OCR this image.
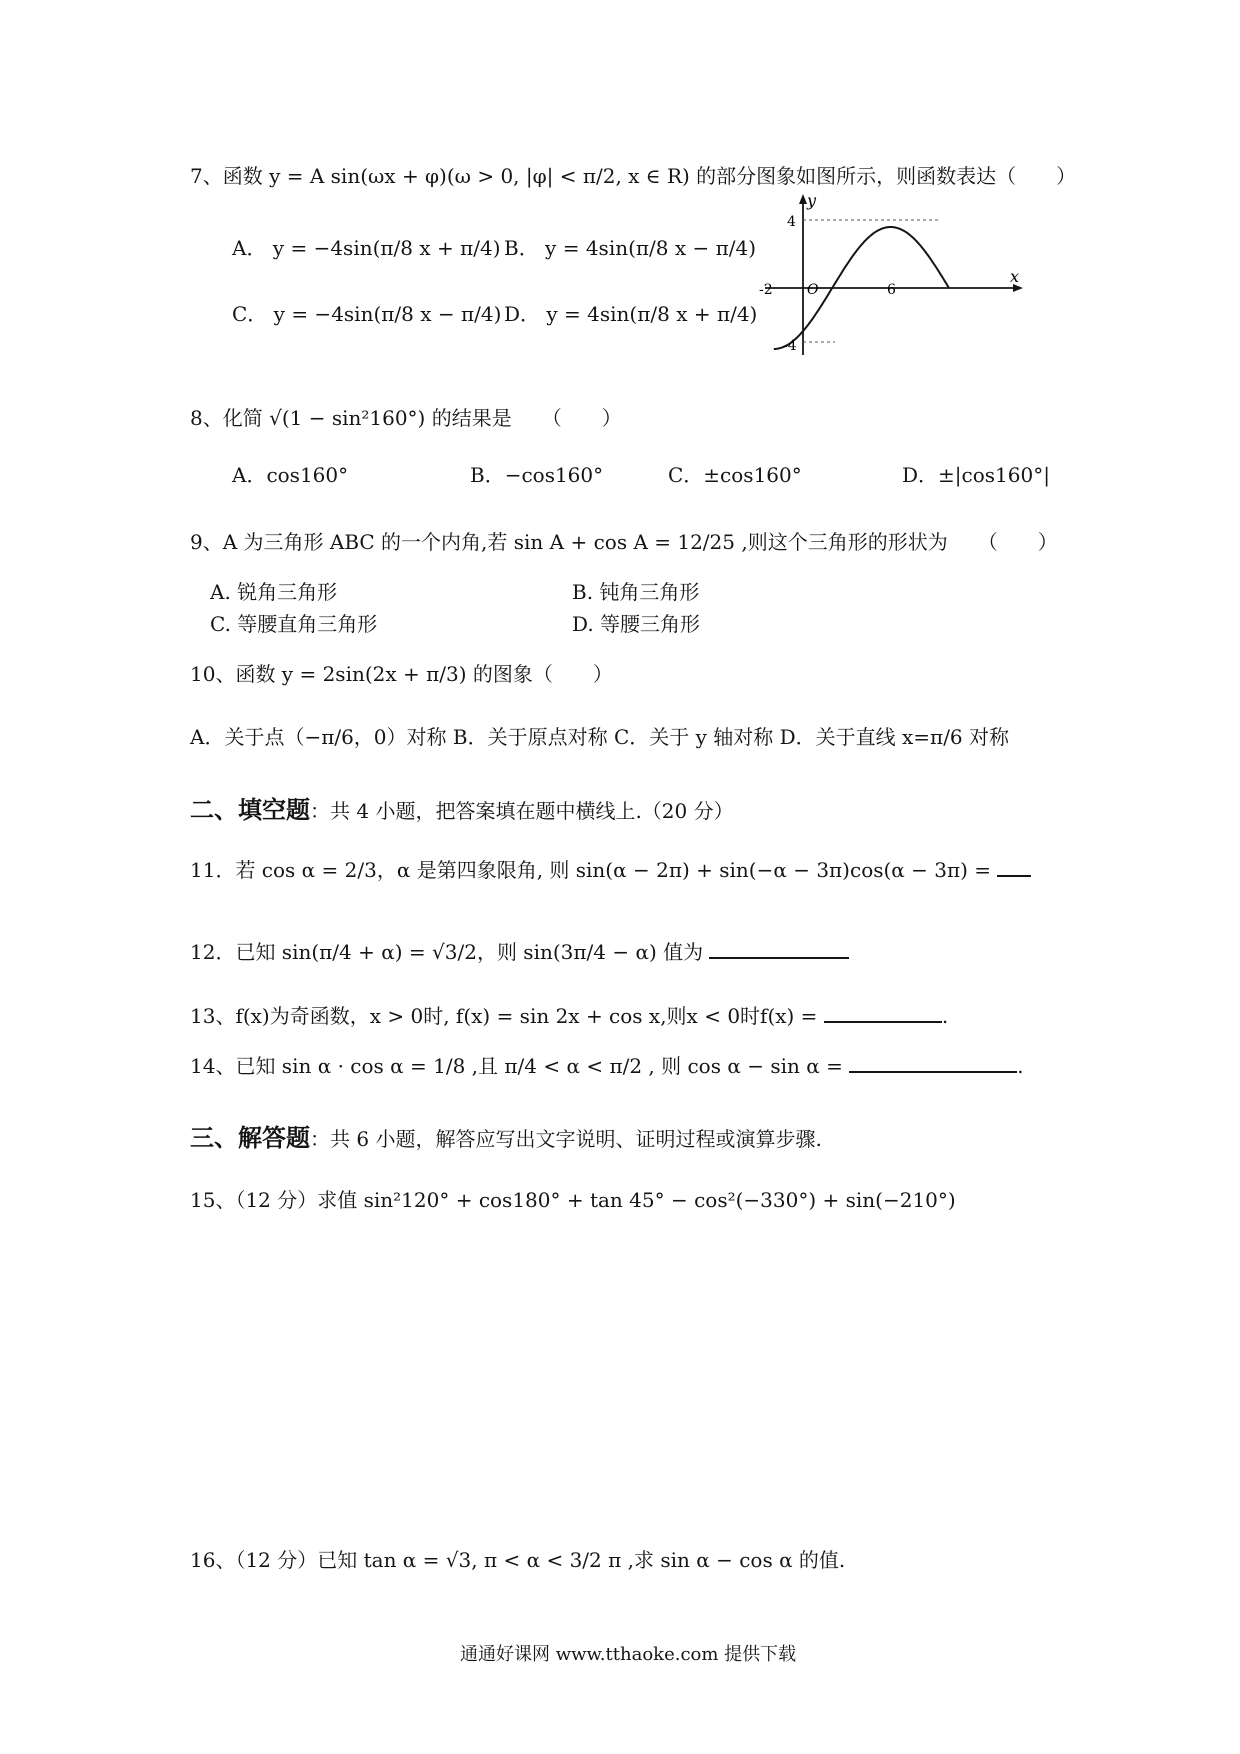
7、函数 y = A sin(ωx + φ)(ω > 0, |φ| < π/2, x ∈ R) 的部分图象如图所示，则函数表达（　　）
A． y = −4sin(π/8 x + π/4) B． y = 4sin(π/8 x − π/4)
C． y = −4sin(π/8 x − π/4) D． y = 4sin(π/8 x + π/4)
y
x
4
-4
-2 O	6
8、化简 √(1 − sin²160°) 的结果是　　（　　）
A．cos160°	B．−cos160°	C．±cos160°	D．±|cos160°|
9、A 为三角形 ABC 的一个内角,若 sin A + cos A = 12/25 ,则这个三角形的形状为　　（　　）
A. 锐角三角形	B. 钝角三角形
C. 等腰直角三角形	D. 等腰三角形
10、函数 y = 2sin(2x + π/3) 的图象（　　）
A．关于点（−π/6，0）对称 B．关于原点对称 C．关于 y 轴对称 D．关于直线 x=π/6 对称
二、填空题：共 4 小题，把答案填在题中横线上.（20 分）
11．若 cos α = 2/3，α 是第四象限角, 则 sin(α − 2π) + sin(−α − 3π)cos(α − 3π) =
12．已知 sin(π/4 + α) = √3/2，则 sin(3π/4 − α) 值为
13、f(x)为奇函数，x > 0时, f(x) = sin 2x + cos x,则x < 0时f(x) =	.
14、已知 sin α · cos α = 1/8 ,且 π/4 < α < π/2 , 则 cos α − sin α =	.
三、解答题：共 6 小题，解答应写出文字说明、证明过程或演算步骤.
15、（12 分）求值 sin²120° + cos180° + tan 45° − cos²(−330°) + sin(−210°)
16、（12 分）已知 tan α = √3, π < α < 3/2 π ,求 sin α − cos α 的值.
通通好课网 www.tthaoke.com 提供下载
